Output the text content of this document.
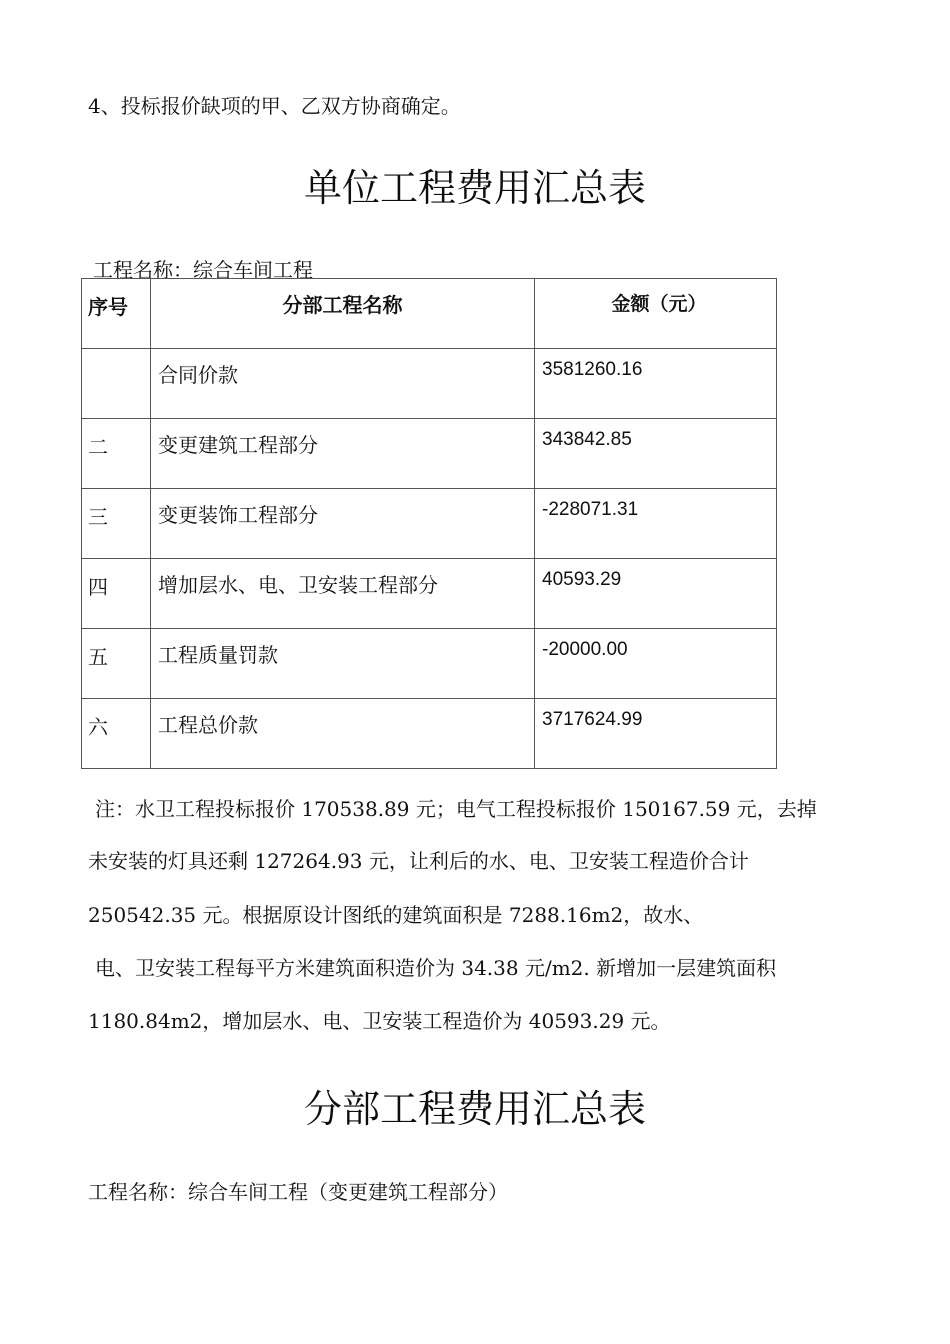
4、投标报价缺项的甲、乙双方协商确定。
单位工程费用汇总表
工程名称：综合车间工程
序号	分部工程名称	金额（元）

	合同价款	3581260.16

二	变更建筑工程部分	343842.85

三	变更装饰工程部分	-228071.31

四	增加层水、电、卫安装工程部分	40593.29

五	工程质量罚款	-20000.00

六	工程总价款	3717624.99
注：水卫工程投标报价 170538.89 元；电气工程投标报价 150167.59 元，去掉
未安装的灯具还剩 127264.93 元，让利后的水、电、卫安装工程造价合计
250542.35 元。根据原设计图纸的建筑面积是 7288.16m2，故水、
电、卫安装工程每平方米建筑面积造价为 34.38 元/m2. 新增加一层建筑面积
1180.84m2，增加层水、电、卫安装工程造价为 40593.29 元。
分部工程费用汇总表
工程名称：综合车间工程（变更建筑工程部分）
